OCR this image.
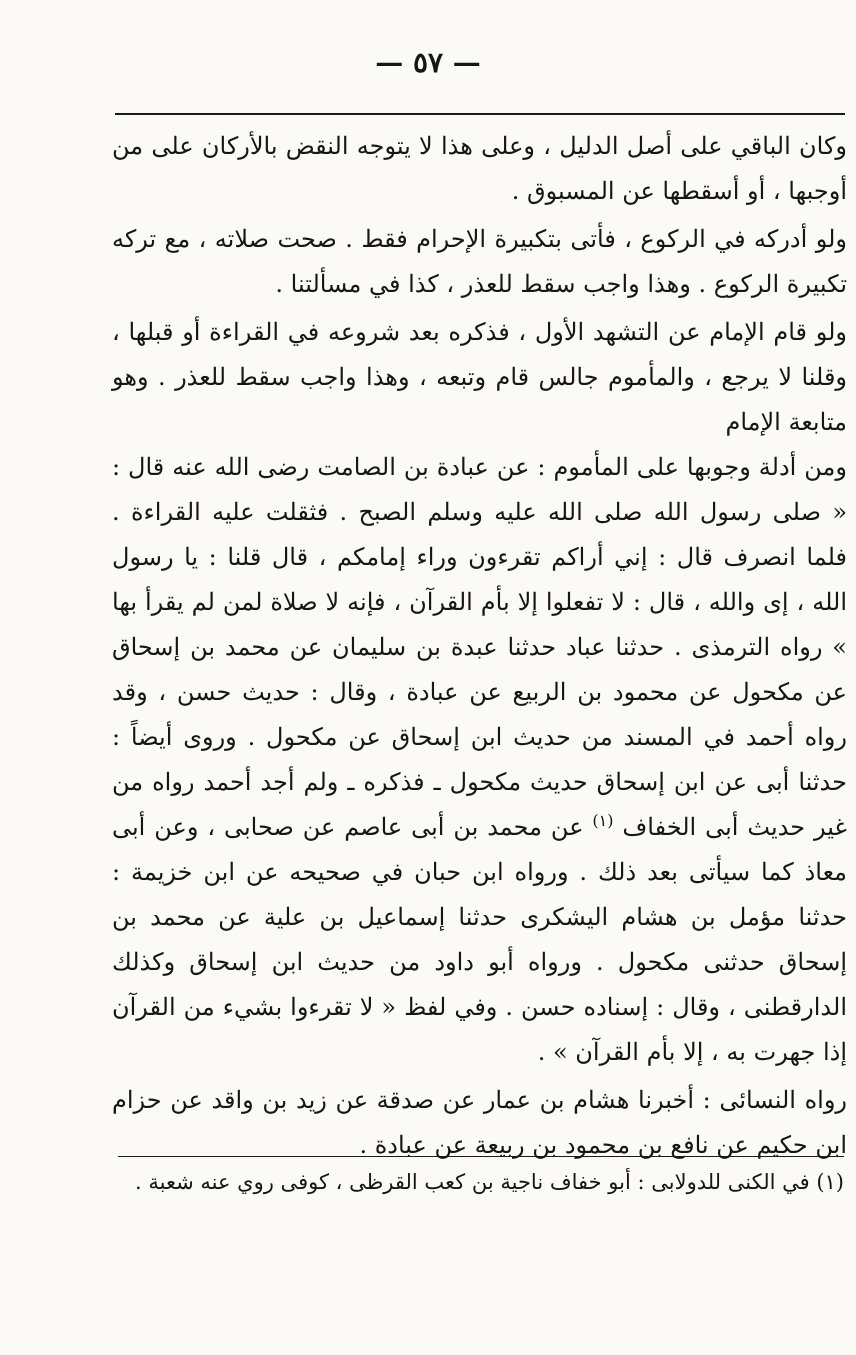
— ٥٧ —

وكان الباقي على أصل الدليل ، وعلى هذا لا يتوجه النقض بالأركان على من أوجبها ، أو أسقطها عن المسبوق .

ولو أدركه في الركوع ، فأتى بتكبيرة الإحرام فقط . صحت صلاته ، مع تركه تكبيرة الركوع . وهذا واجب سقط للعذر ، كذا في مسألتنا .

ولو قام الإمام عن التشهد الأول ، فذكره بعد شروعه في القراءة أو قبلها ، وقلنا لا يرجع ، والمأموم جالس قام وتبعه ، وهذا واجب سقط للعذر . وهو متابعة الإمام

ومن أدلة وجوبها على المأموم : عن عبادة بن الصامت رضى الله عنه قال : « صلى رسول الله صلى الله عليه وسلم الصبح . فثقلت عليه القراءة . فلما انصرف قال : إني أراكم تقرءون وراء إمامكم ، قال قلنا : يا رسول الله ، إى والله ، قال : لا تفعلوا إلا بأم القرآن ، فإنه لا صلاة لمن لم يقرأ بها » رواه الترمذى . حدثنا عباد حدثنا عبدة بن سليمان عن محمد بن إسحاق عن مكحول عن محمود بن الربيع عن عبادة ، وقال : حديث حسن ، وقد رواه أحمد في المسند من حديث ابن إسحاق عن مكحول . وروى أيضاً : حدثنا أبى عن ابن إسحاق حديث مكحول ـ فذكره ـ ولم أجد أحمد رواه من غير حديث أبى الخفاف $^{(١)}$ عن محمد بن أبى عاصم عن صحابى ، وعن أبى معاذ كما سيأتى بعد ذلك . ورواه ابن حبان في صحيحه عن ابن خزيمة : حدثنا مؤمل بن هشام اليشكرى حدثنا إسماعيل بن علية عن محمد بن إسحاق حدثنى مكحول . ورواه أبو داود من حديث ابن إسحاق وكذلك الدارقطنى ، وقال : إسناده حسن . وفي لفظ « لا تقرءوا بشيء من القرآن إذا جهرت به ، إلا بأم القرآن » .

رواه النسائى : أخبرنا هشام بن عمار عن صدقة عن زيد بن واقد عن حزام ابن حكيم عن نافع بن محمود بن ربيعة عن عبادة .

(١) في الكنى للدولابى : أبو خفاف ناجية بن كعب القرظى ، كوفى روي عنه شعبة .
